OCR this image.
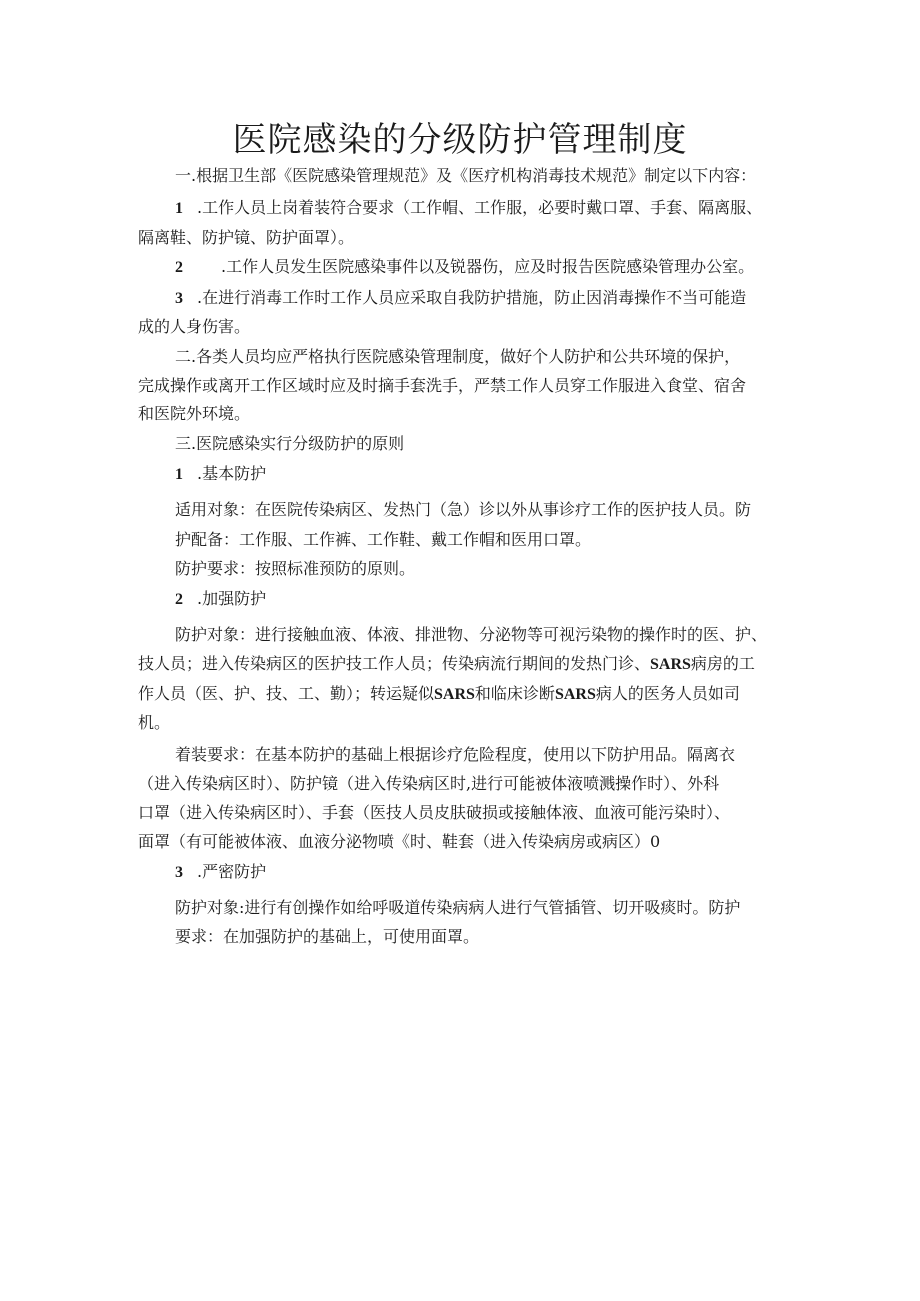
医院感染的分级防护管理制度

一.根据卫生部《医院感染管理规范》及《医疗机构消毒技术规范》制定以下内容：

1 .工作人员上岗着装符合要求（工作帽、工作服，必要时戴口罩、手套、隔离服、

隔离鞋、防护镜、防护面罩）。

2 .工作人员发生医院感染事件以及锐器伤，应及时报告医院感染管理办公室。

3 .在进行消毒工作时工作人员应采取自我防护措施，防止因消毒操作不当可能造

成的人身伤害。

二.各类人员均应严格执行医院感染管理制度，做好个人防护和公共环境的保护，

完成操作或离开工作区域时应及时摘手套洗手，严禁工作人员穿工作服进入食堂、宿舍

和医院外环境。

三.医院感染实行分级防护的原则

1 .基本防护

适用对象：在医院传染病区、发热门（急）诊以外从事诊疗工作的医护技人员。防

护配备：工作服、工作裤、工作鞋、戴工作帽和医用口罩。

防护要求：按照标准预防的原则。

2 .加强防护

防护对象：进行接触血液、体液、排泄物、分泌物等可视污染物的操作时的医、护、

技人员；进入传染病区的医护技工作人员；传染病流行期间的发热门诊、SARS病房的工

作人员（医、护、技、工、勤）；转运疑似SARS和临床诊断SARS病人的医务人员如司

机。

着装要求：在基本防护的基础上根据诊疗危险程度，使用以下防护用品。隔离衣

（进入传染病区时）、防护镜（进入传染病区时,进行可能被体液喷溅操作时）、外科

口罩（进入传染病区时）、手套（医技人员皮肤破损或接触体液、血液可能污染时）、

面罩（有可能被体液、血液分泌物喷《时、鞋套（进入传染病房或病区）0

3 .严密防护

防护对象:进行有创操作如给呼吸道传染病病人进行气管插管、切开吸痰时。防护

要求：在加强防护的基础上，可使用面罩。
